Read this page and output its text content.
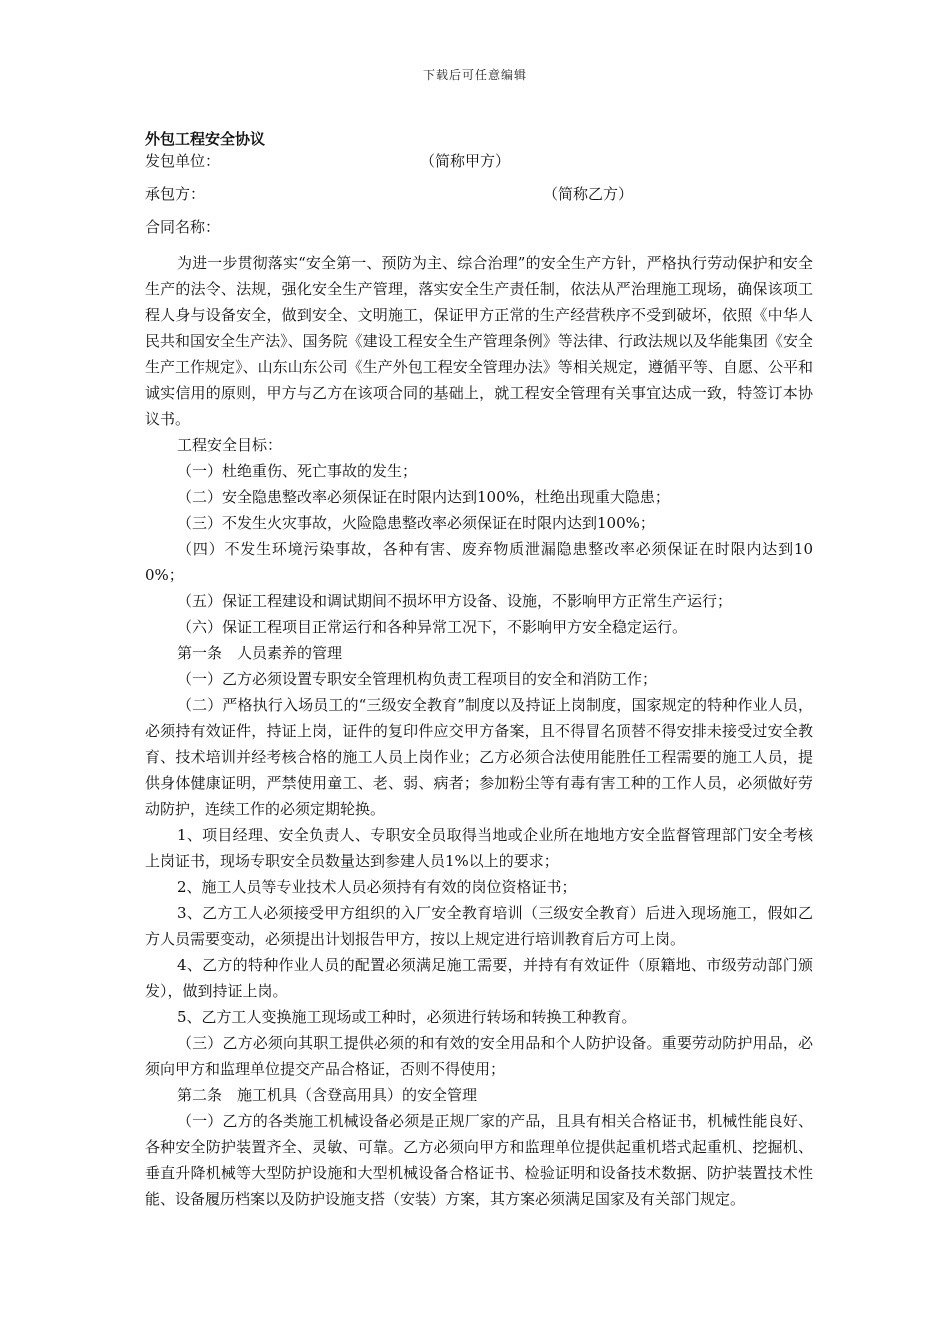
下载后可任意编辑
外包工程安全协议
发包单位：	（简称甲方）
承包方：	（简称乙方）
合同名称：

为进一步贯彻落实“安全第一、预防为主、综合治理”的安全生产方针，严格执行劳动保护和安全生产的法令、法规，强化安全生产管理，落实安全生产责任制，依法从严治理施工现场，确保该项工程人身与设备安全，做到安全、文明施工，保证甲方正常的生产经营秩序不受到破坏，依照《中华人民共和国安全生产法》、国务院《建设工程安全生产管理条例》等法律、行政法规以及华能集团《安全生产工作规定》、山东山东公司《生产外包工程安全管理办法》等相关规定，遵循平等、自愿、公平和诚实信用的原则，甲方与乙方在该项合同的基础上，就工程安全管理有关事宜达成一致，特签订本协议书。

工程安全目标：

（一）杜绝重伤、死亡事故的发生；

（二）安全隐患整改率必须保证在时限内达到100%，杜绝出现重大隐患；

（三）不发生火灾事故，火险隐患整改率必须保证在时限内达到100%；

（四）不发生环境污染事故，各种有害、废弃物质泄漏隐患整改率必须保证在时限内达到100%；

（五）保证工程建设和调试期间不损坏甲方设备、设施，不影响甲方正常生产运行；

（六）保证工程项目正常运行和各种异常工况下，不影响甲方安全稳定运行。

第一条　人员素养的管理

（一）乙方必须设置专职安全管理机构负责工程项目的安全和消防工作；

（二）严格执行入场员工的“三级安全教育”制度以及持证上岗制度，国家规定的特种作业人员，必须持有效证件，持证上岗，证件的复印件应交甲方备案，且不得冒名顶替不得安排未接受过安全教育、技术培训并经考核合格的施工人员上岗作业；乙方必须合法使用能胜任工程需要的施工人员，提供身体健康证明，严禁使用童工、老、弱、病者；参加粉尘等有毒有害工种的工作人员，必须做好劳动防护，连续工作的必须定期轮换。

1、项目经理、安全负责人、专职安全员取得当地或企业所在地地方安全监督管理部门安全考核上岗证书，现场专职安全员数量达到参建人员1%以上的要求；

2、施工人员等专业技术人员必须持有有效的岗位资格证书；

3、乙方工人必须接受甲方组织的入厂安全教育培训（三级安全教育）后进入现场施工，假如乙方人员需要变动，必须提出计划报告甲方，按以上规定进行培训教育后方可上岗。

4、乙方的特种作业人员的配置必须满足施工需要，并持有有效证件（原籍地、市级劳动部门颁发），做到持证上岗。

5、乙方工人变换施工现场或工种时，必须进行转场和转换工种教育。

（三）乙方必须向其职工提供必须的和有效的安全用品和个人防护设备。重要劳动防护用品，必须向甲方和监理单位提交产品合格证，否则不得使用；

第二条　施工机具（含登高用具）的安全管理

（一）乙方的各类施工机械设备必须是正规厂家的产品，且具有相关合格证书，机械性能良好、各种安全防护装置齐全、灵敏、可靠。乙方必须向甲方和监理单位提供起重机塔式起重机、挖掘机、垂直升降机械等大型防护设施和大型机械设备合格证书、检验证明和设备技术数据、防护装置技术性能、设备履历档案以及防护设施支搭（安装）方案，其方案必须满足国家及有关部门规定。
